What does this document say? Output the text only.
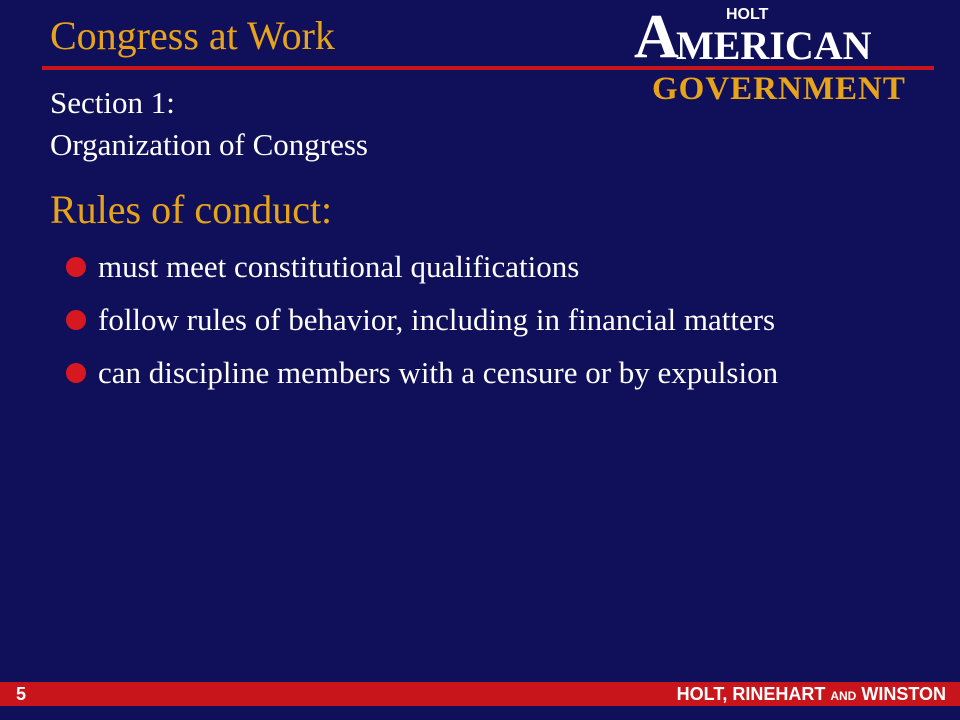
Congress at Work
Section 1:
Organization of Congress
HOLT
A
MERICAN
GOVERNMENT
Rules of conduct:
must meet constitutional qualifications
follow rules of behavior, including in financial matters
can discipline members with a censure or by expulsion
5	HOLT, RINEHART AND WINSTON
